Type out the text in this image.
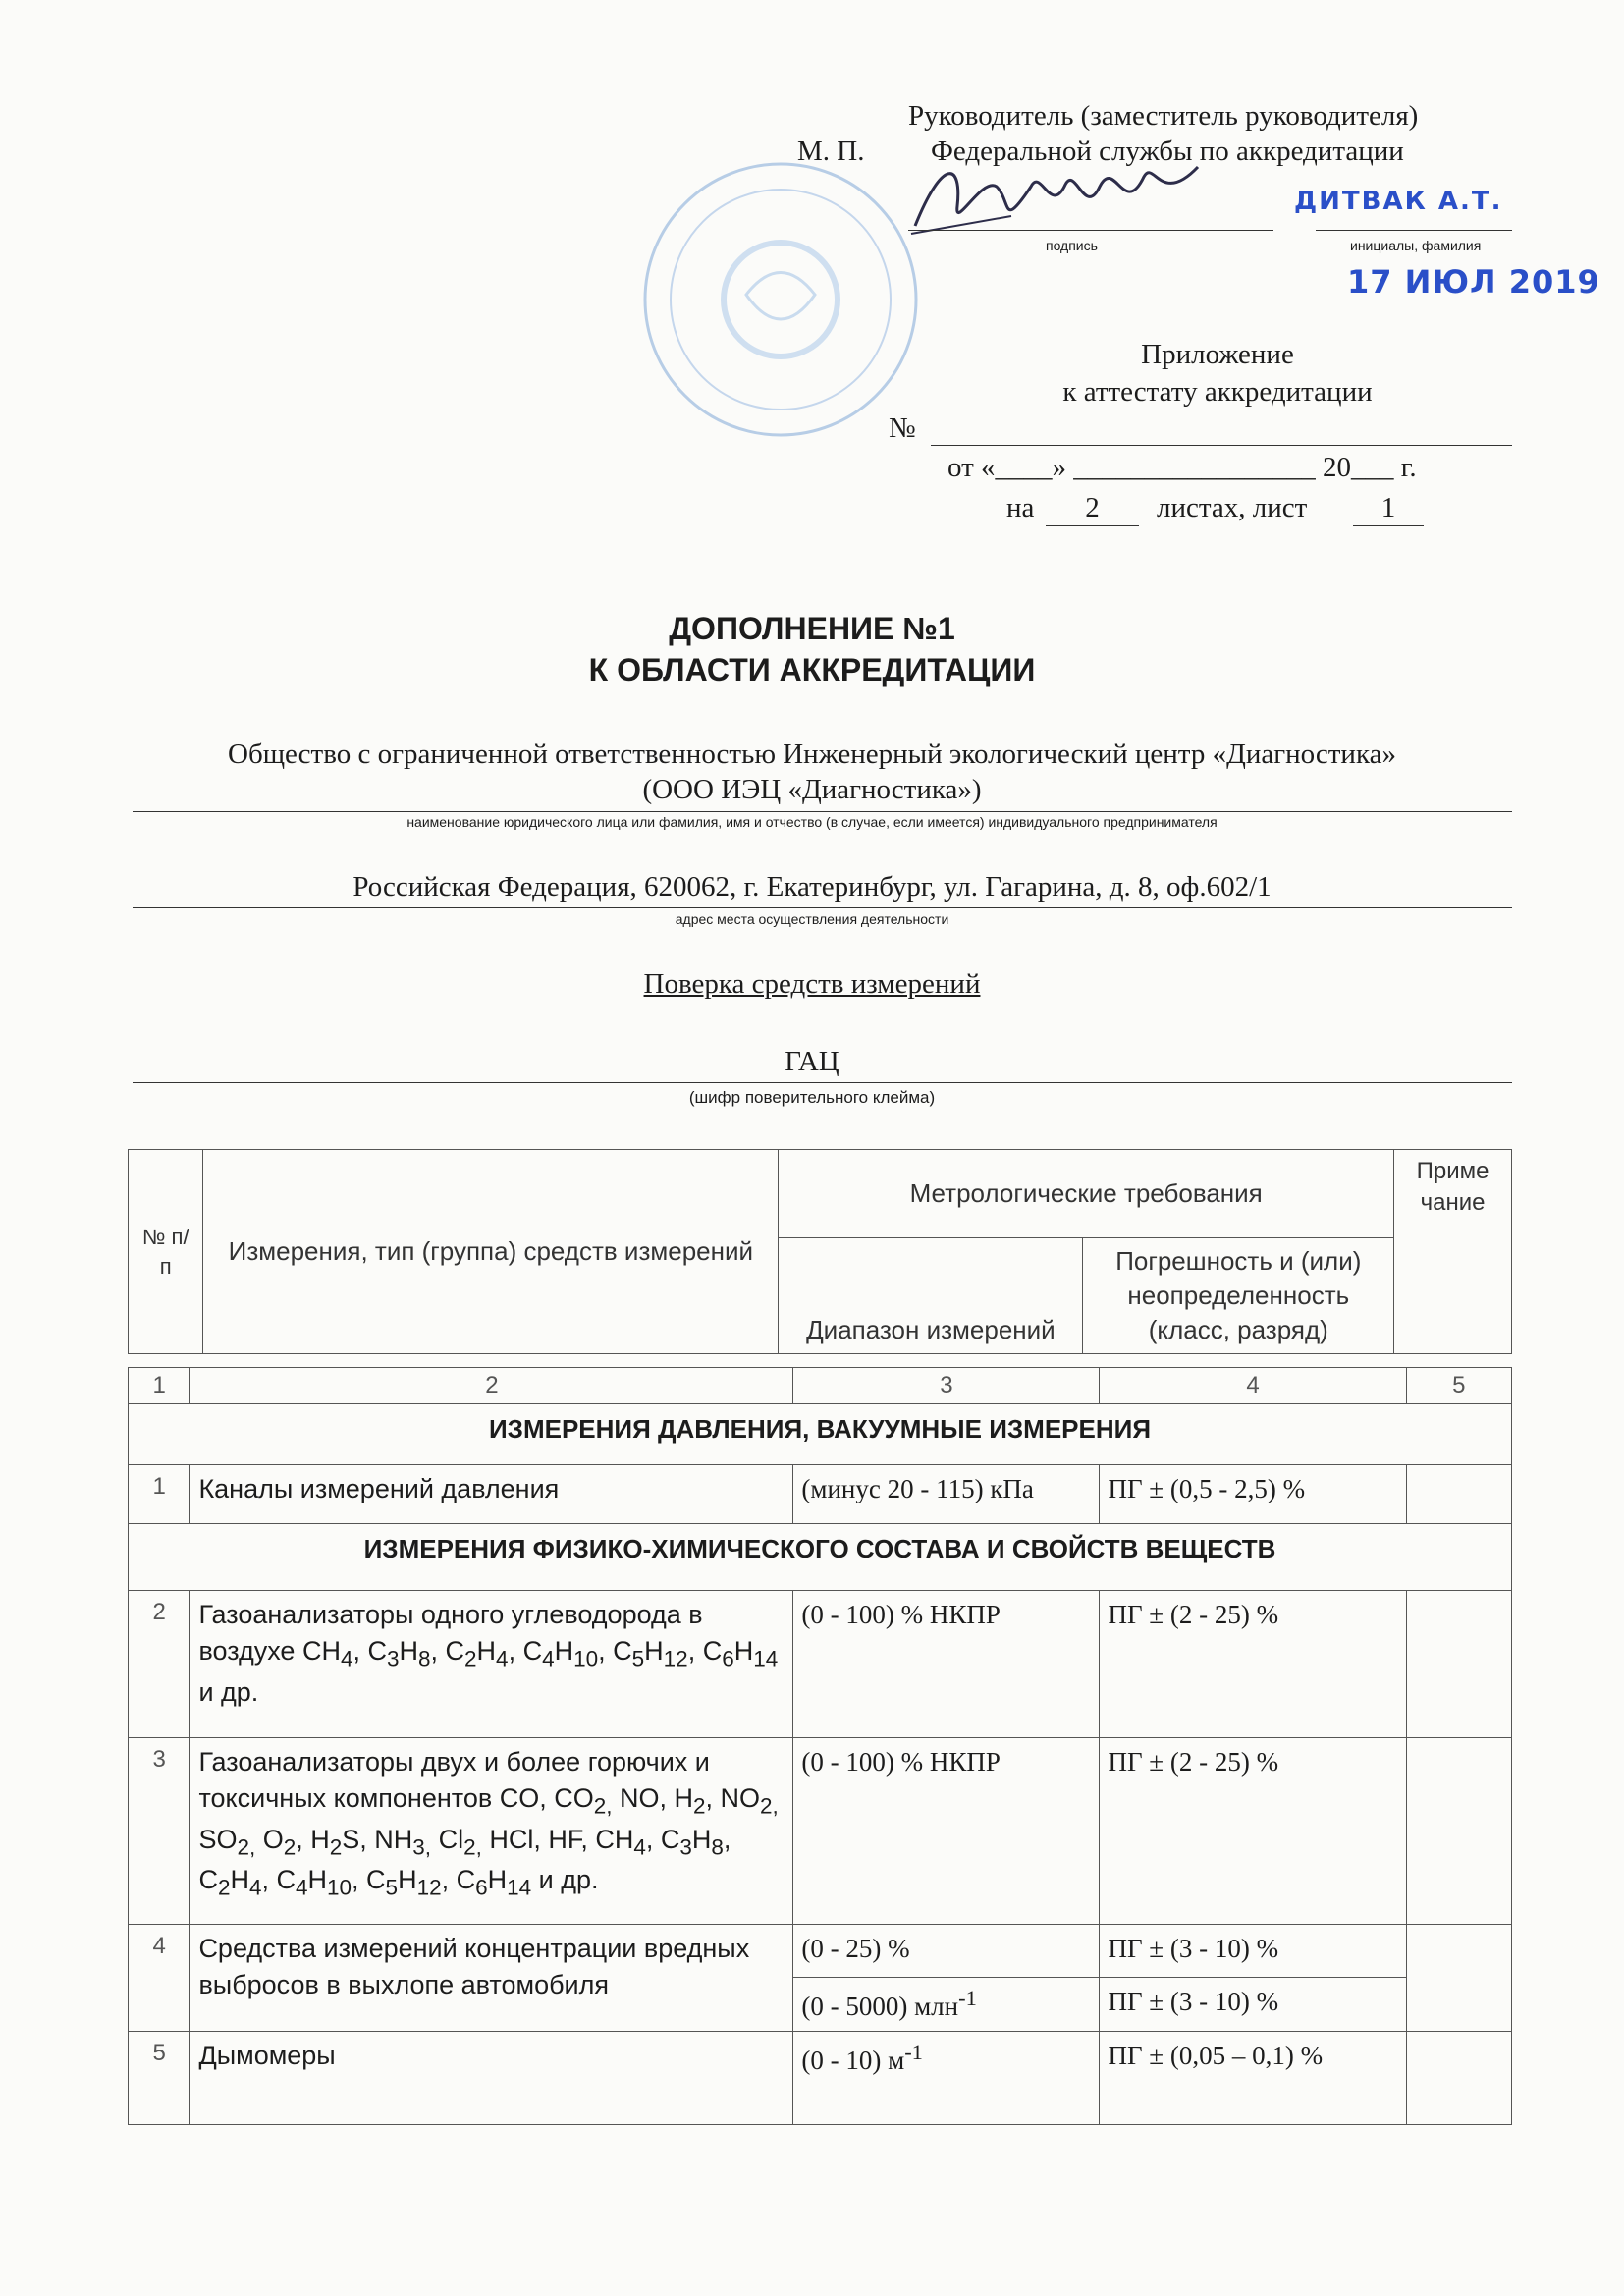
Руководитель (заместитель руководителя)
М. П. Федеральной службы по аккредитации
ДИТВАК А.Т.
подпись	инициалы, фамилия
17 ИЮЛ 2019
Приложение
к аттестату аккредитации
№
от «____» _________________ 20___ г.
на	2	листах, лист	1
ДОПОЛНЕНИЕ №1
К ОБЛАСТИ АККРЕДИТАЦИИ
Общество с ограниченной ответственностью Инженерный экологический центр «Диагностика»
(ООО ИЭЦ «Диагностика»)
наименование юридического лица или фамилия, имя и отчество (в случае, если имеется) индивидуального предпринимателя
Российская Федерация, 620062, г. Екатеринбург, ул. Гагарина, д. 8, оф.602/1
адрес места осуществления деятельности
Поверка средств измерений
ГАЦ
(шифр поверительного клейма)
№ п/п	Измерения, тип (группа) средств измерений	Метрологические требования		Приме чание
		Диапазон измерений	Погрешность и (или) неопределенность (класс, разряд)	
1	2	3	4	5
ИЗМЕРЕНИЯ ДАВЛЕНИЯ, ВАКУУМНЫЕ ИЗМЕРЕНИЯ				
1	Каналы измерений давления	(минус 20 - 115) кПа	ПГ ± (0,5 - 2,5) %	
ИЗМЕРЕНИЯ ФИЗИКО-ХИМИЧЕСКОГО СОСТАВА И СВОЙСТВ ВЕЩЕСТВ				
2	Газоанализаторы одного углеводорода в воздухе $CH_4$, $C_3H_8$, $C_2H_4$, $C_4H_{10}$, $C_5H_{12}$, $C_6H_{14}$ и др.	(0 - 100) % НКПР	ПГ ± (2 - 25) %	
3	Газоанализаторы двух и более горючих и токсичных компонентов CO, $CO_{2,}$ NO, $H_2$, $NO_{2,}$ $SO_{2,}$ $O_2$, $H_2S$, $NH_{3,}$ $Cl_{2,}$ HCl, HF, $CH_4$, $C_3H_8$, $C_2H_4$, $C_4H_{10}$, $C_5H_{12}$, $C_6H_{14}$ и др.	(0 - 100) % НКПР	ПГ ± (2 - 25) %	
4	Средства измерений концентрации вредных выбросов в выхлопе автомобиля	(0 - 25) %	ПГ ± (3 - 10) %	
		(0 - 5000) млн$^{-1}$	ПГ ± (3 - 10) %	
5	Дымомеры	(0 - 10) $м^{-1}$	ПГ ± (0,05 – 0,1) %	
